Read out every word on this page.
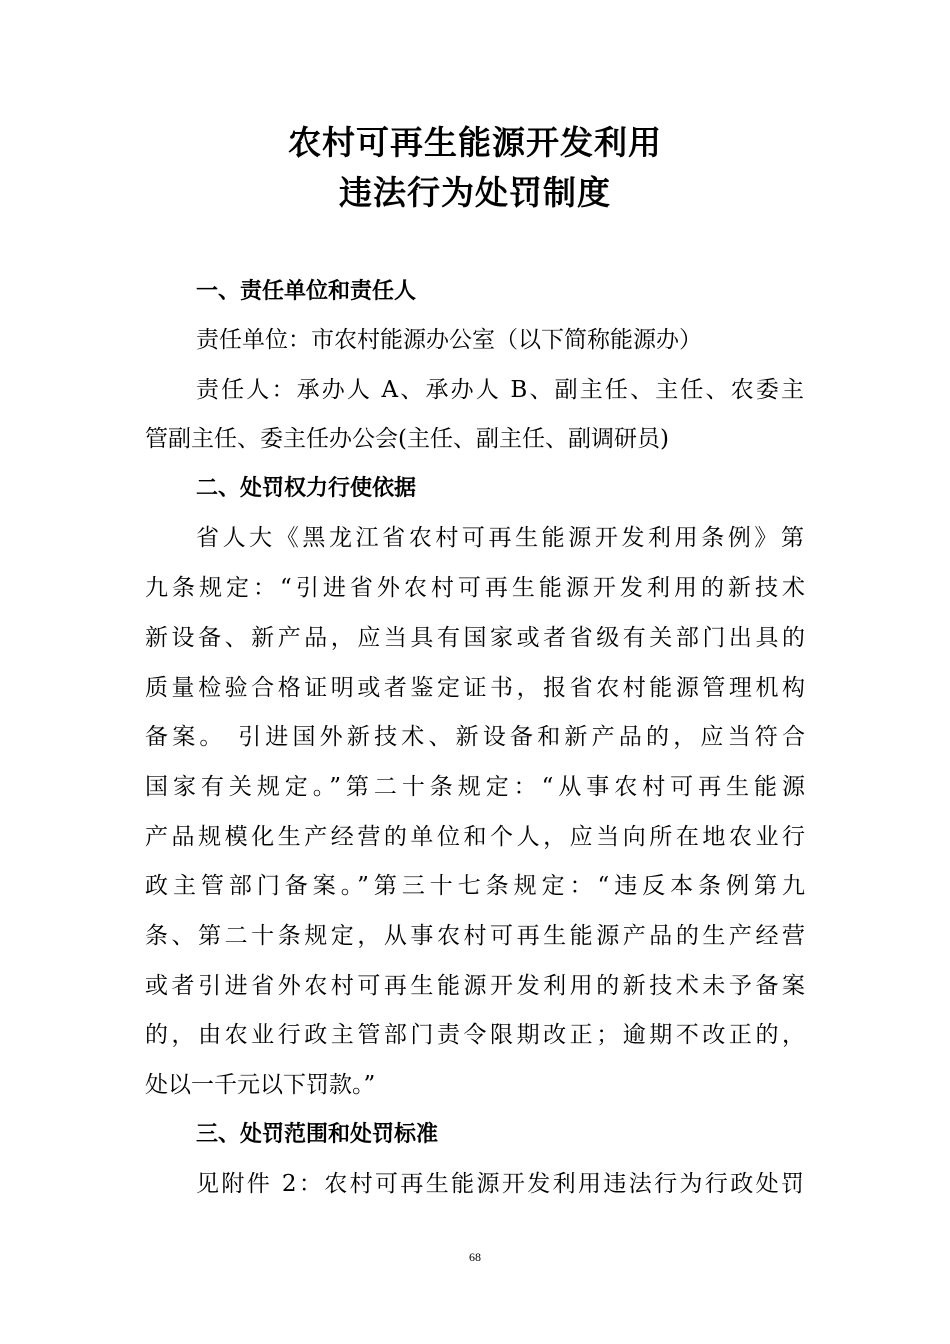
农村可再生能源开发利用
违法行为处罚制度
一、责任单位和责任人
责任单位：市农村能源办公室（以下简称能源办）
责任人：承办人 A、承办人 B、副主任、主任、农委主
管副主任、委主任办公会(主任、副主任、副调研员)
二、处罚权力行使依据
省人大《黑龙江省农村可再生能源开发利用条例》第
九条规定：“引进省外农村可再生能源开发利用的新技术
新设备、新产品，应当具有国家或者省级有关部门出具的
质量检验合格证明或者鉴定证书，报省农村能源管理机构
备案。 引进国外新技术、新设备和新产品的，应当符合
国家有关规定。”第二十条规定：“从事农村可再生能源
产品规模化生产经营的单位和个人，应当向所在地农业行
政主管部门备案。”第三十七条规定：“违反本条例第九
条、第二十条规定，从事农村可再生能源产品的生产经营
或者引进省外农村可再生能源开发利用的新技术未予备案
的，由农业行政主管部门责令限期改正；逾期不改正的，
处以一千元以下罚款。”
三、处罚范围和处罚标准
见附件 2：农村可再生能源开发利用违法行为行政处罚
68
